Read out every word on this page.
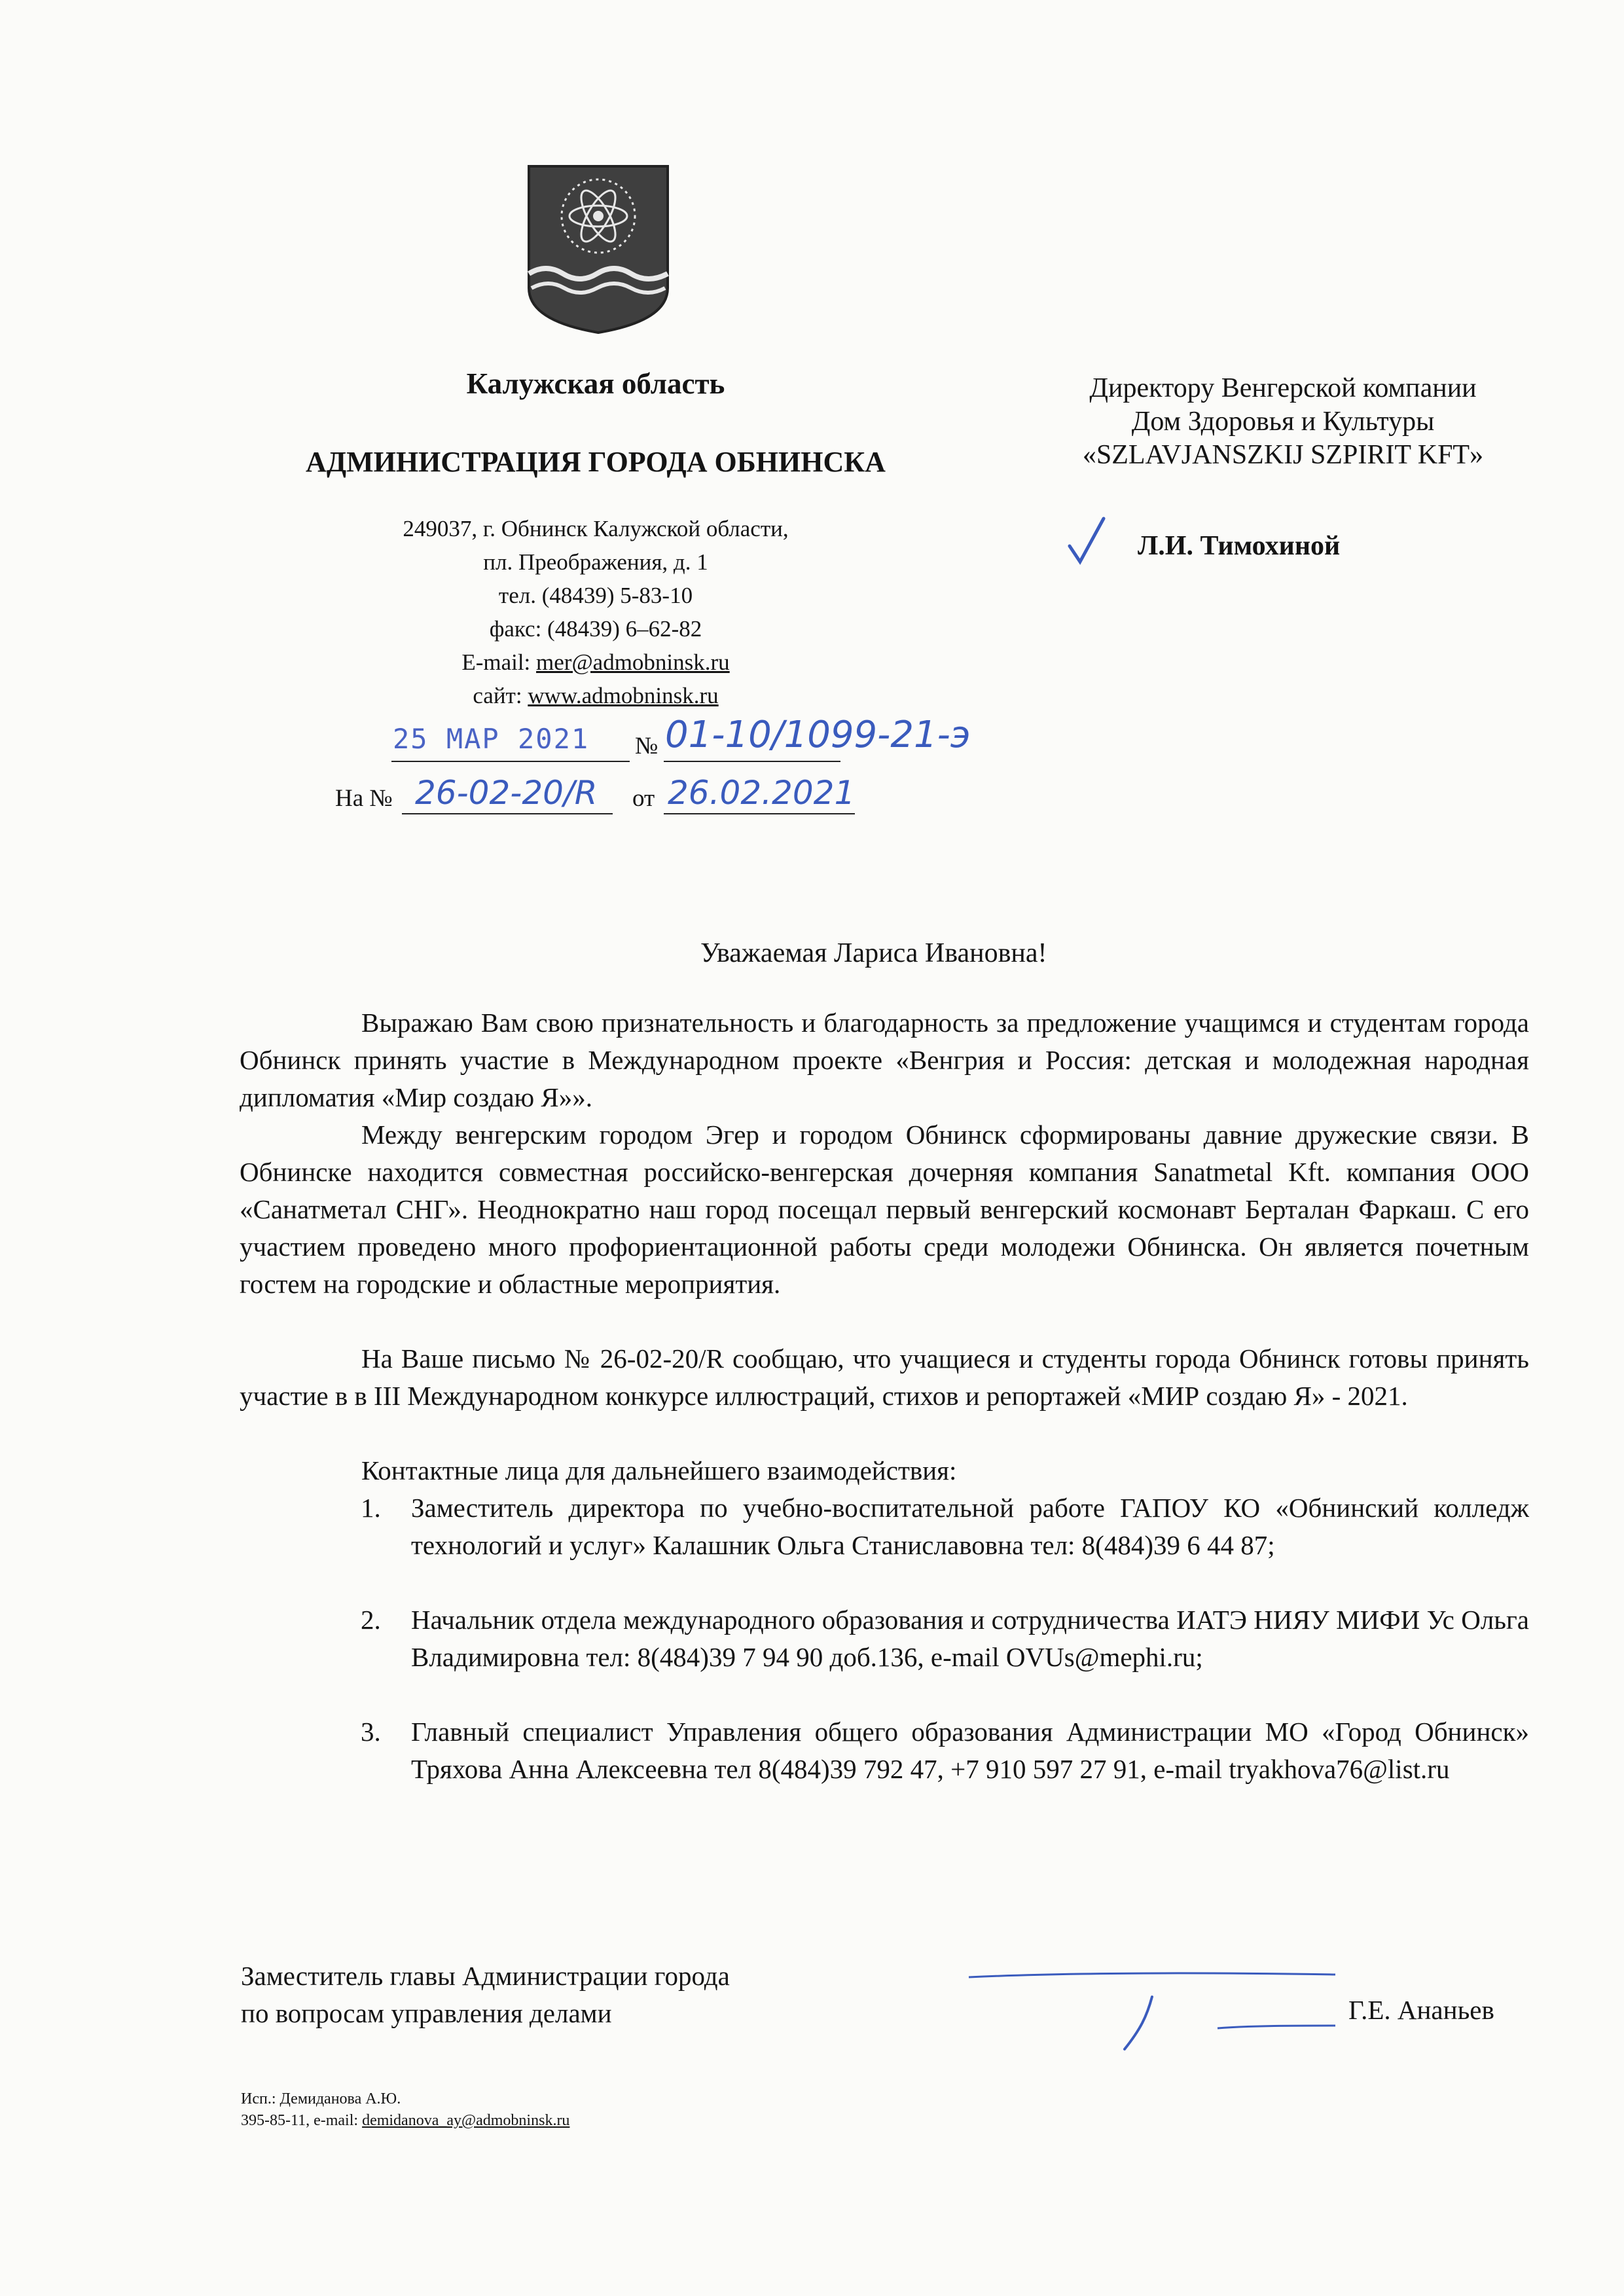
Калужская область
АДМИНИСТРАЦИЯ ГОРОДА ОБНИНСКА
249037, г. Обнинск Калужской области,
пл. Преображения, д. 1
тел. (48439) 5-83-10
факс: (48439) 6–62-82
E-mail: mer@admobninsk.ru
сайт: www.admobninsk.ru
Директору Венгерской компании
Дом Здоровья и Культуры
«SZLAVJANSZKIJ SZPIRIT KFT»
Л.И. Тимохиной
25 МАР 2021 № 01-10/1099-21-э
На № 26-02-20/R от 26.02.2021
Уважаемая Лариса Ивановна!
Выражаю Вам свою признательность и благодарность за предложение учащимся и студентам города Обнинск принять участие в Международном проекте «Венгрия и Россия: детская и молодежная народная дипломатия «Мир создаю Я»».
Между венгерским городом Эгер и городом Обнинск сформированы давние дружеские связи. В Обнинске находится совместная российско-венгерская дочерняя компания Sanatmetal Kft. компания ООО «Санатметал СНГ». Неоднократно наш город посещал первый венгерский космонавт Берталан Фаркаш. С его участием проведено много профориентационной работы среди молодежи Обнинска. Он является почетным гостем на городские и областные мероприятия.
На Ваше письмо № 26-02-20/R сообщаю, что учащиеся и студенты города Обнинск готовы принять участие в в III Международном конкурсе иллюстраций, стихов и репортажей «МИР создаю Я» - 2021.
Контактные лица для дальнейшего взаимодействия:
1. Заместитель директора по учебно-воспитательной работе ГАПОУ КО «Обнинский колледж технологий и услуг» Калашник Ольга Станиславовна тел: 8(484)39 6 44 87;
2. Начальник отдела международного образования и сотрудничества ИАТЭ НИЯУ МИФИ Ус Ольга Владимировна тел: 8(484)39 7 94 90 доб.136, e-mail OVUs@mephi.ru;
3. Главный специалист Управления общего образования Администрации МО «Город Обнинск» Тряхова Анна Алексеевна тел 8(484)39 792 47, +7 910 597 27 91, e-mail tryakhova76@list.ru
Заместитель главы Администрации города
по вопросам управления делами	Г.Е. Ананьев
Исп.: Демиданова А.Ю.
395-85-11, e-mail: demidanova_ay@admobninsk.ru
